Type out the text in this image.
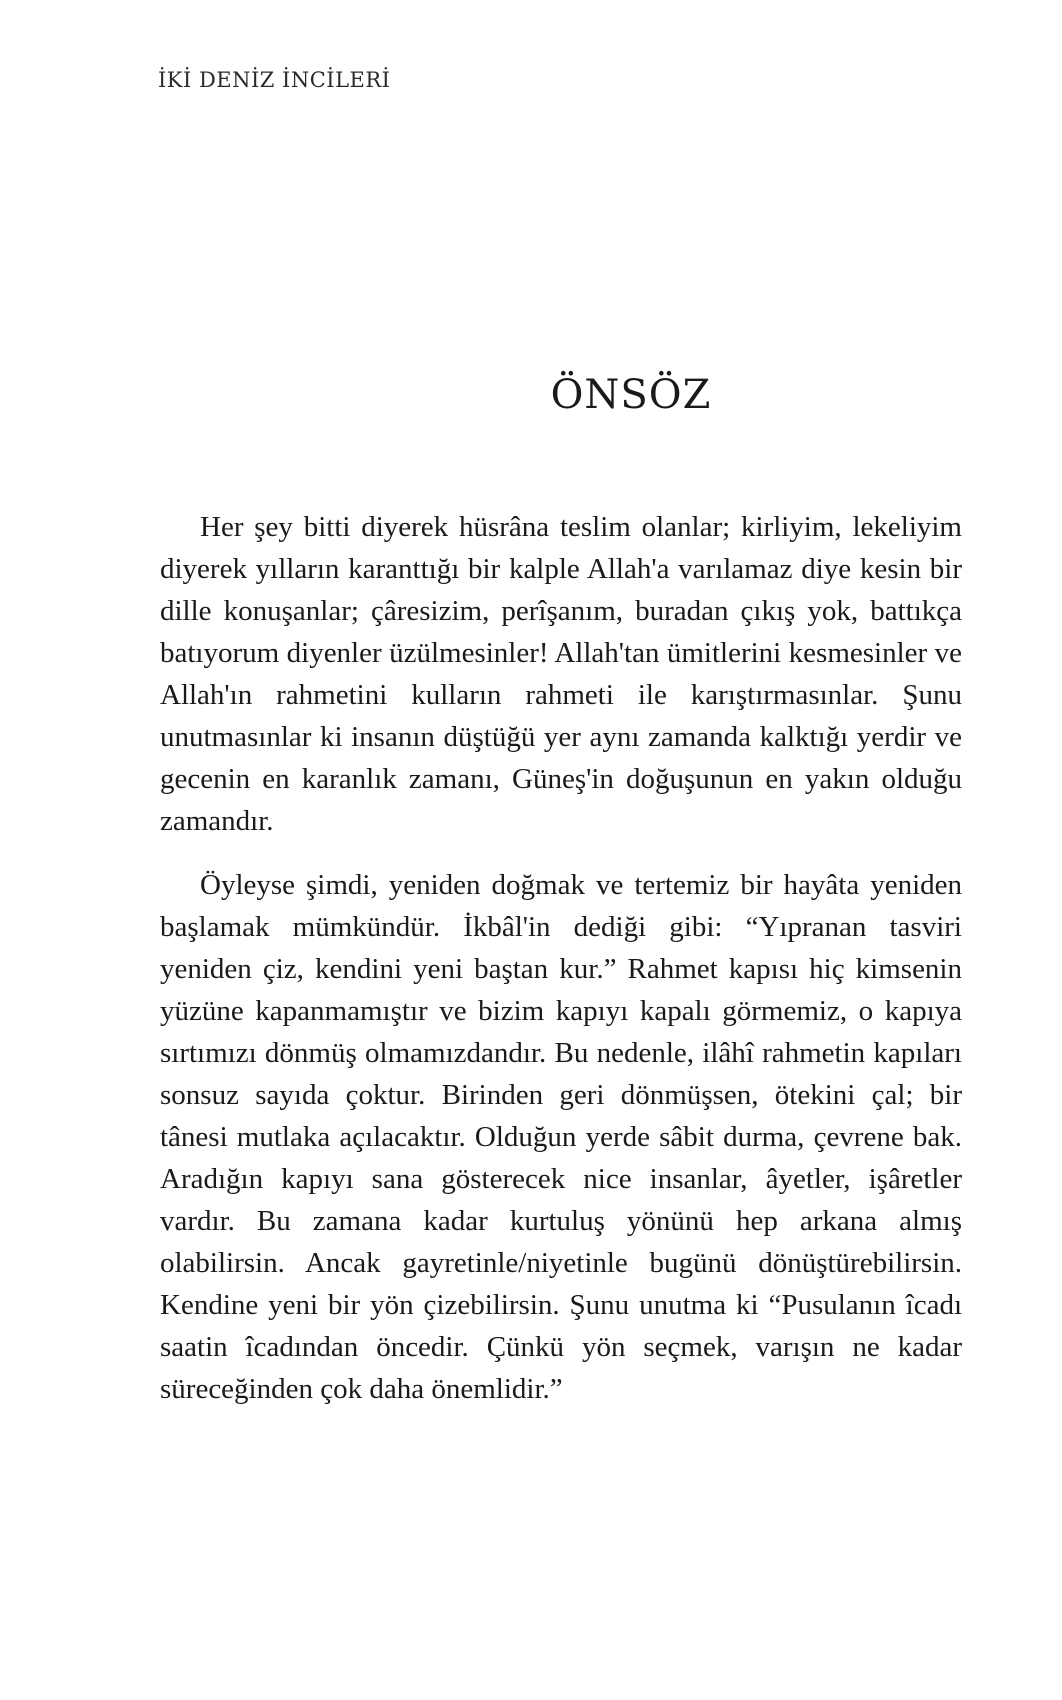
İKİ DENİZ İNCİLERİ
ÖNSÖZ

Her şey bitti diyerek hüsrâna teslim olanlar; kirliyim, lekeliyim diyerek yılların karanttığı bir kalple Allah'a varılamaz diye kesin bir dille konuşanlar; çâresizim, perîşanım, buradan çıkış yok, battıkça batıyorum diyenler üzülmesinler! Allah'tan ümitlerini kesmesinler ve Allah'ın rahmetini kulların rahmeti ile karıştırmasınlar. Şunu unutmasınlar ki insanın düştüğü yer aynı zamanda kalktığı yerdir ve gecenin en karanlık zamanı, Güneş'in doğuşunun en yakın olduğu zamandır.

Öyleyse şimdi, yeniden doğmak ve tertemiz bir hayâta yeniden başlamak mümkündür. İkbâl'in dediği gibi: “Yıpranan tasviri yeniden çiz, kendini yeni baştan kur.” Rahmet kapısı hiç kimsenin yüzüne kapanmamıştır ve bizim kapıyı kapalı görmemiz, o kapıya sırtımızı dönmüş olmamızdandır. Bu nedenle, ilâhî rahmetin kapıları sonsuz sayıda çoktur. Birinden geri dönmüşsen, ötekini çal; bir tânesi mutlaka açılacaktır. Olduğun yerde sâbit durma, çevrene bak. Aradığın kapıyı sana gösterecek nice insanlar, âyetler, işâretler vardır. Bu zamana kadar kurtuluş yönünü hep arkana almış olabilirsin. Ancak gayretinle/niyetinle bugünü dönüştürebilirsin. Kendine yeni bir yön çizebilirsin. Şunu unutma ki “Pusulanın îcadı saatin îcadından öncedir. Çünkü yön seçmek, varışın ne kadar süreceğinden çok daha önemlidir.”
